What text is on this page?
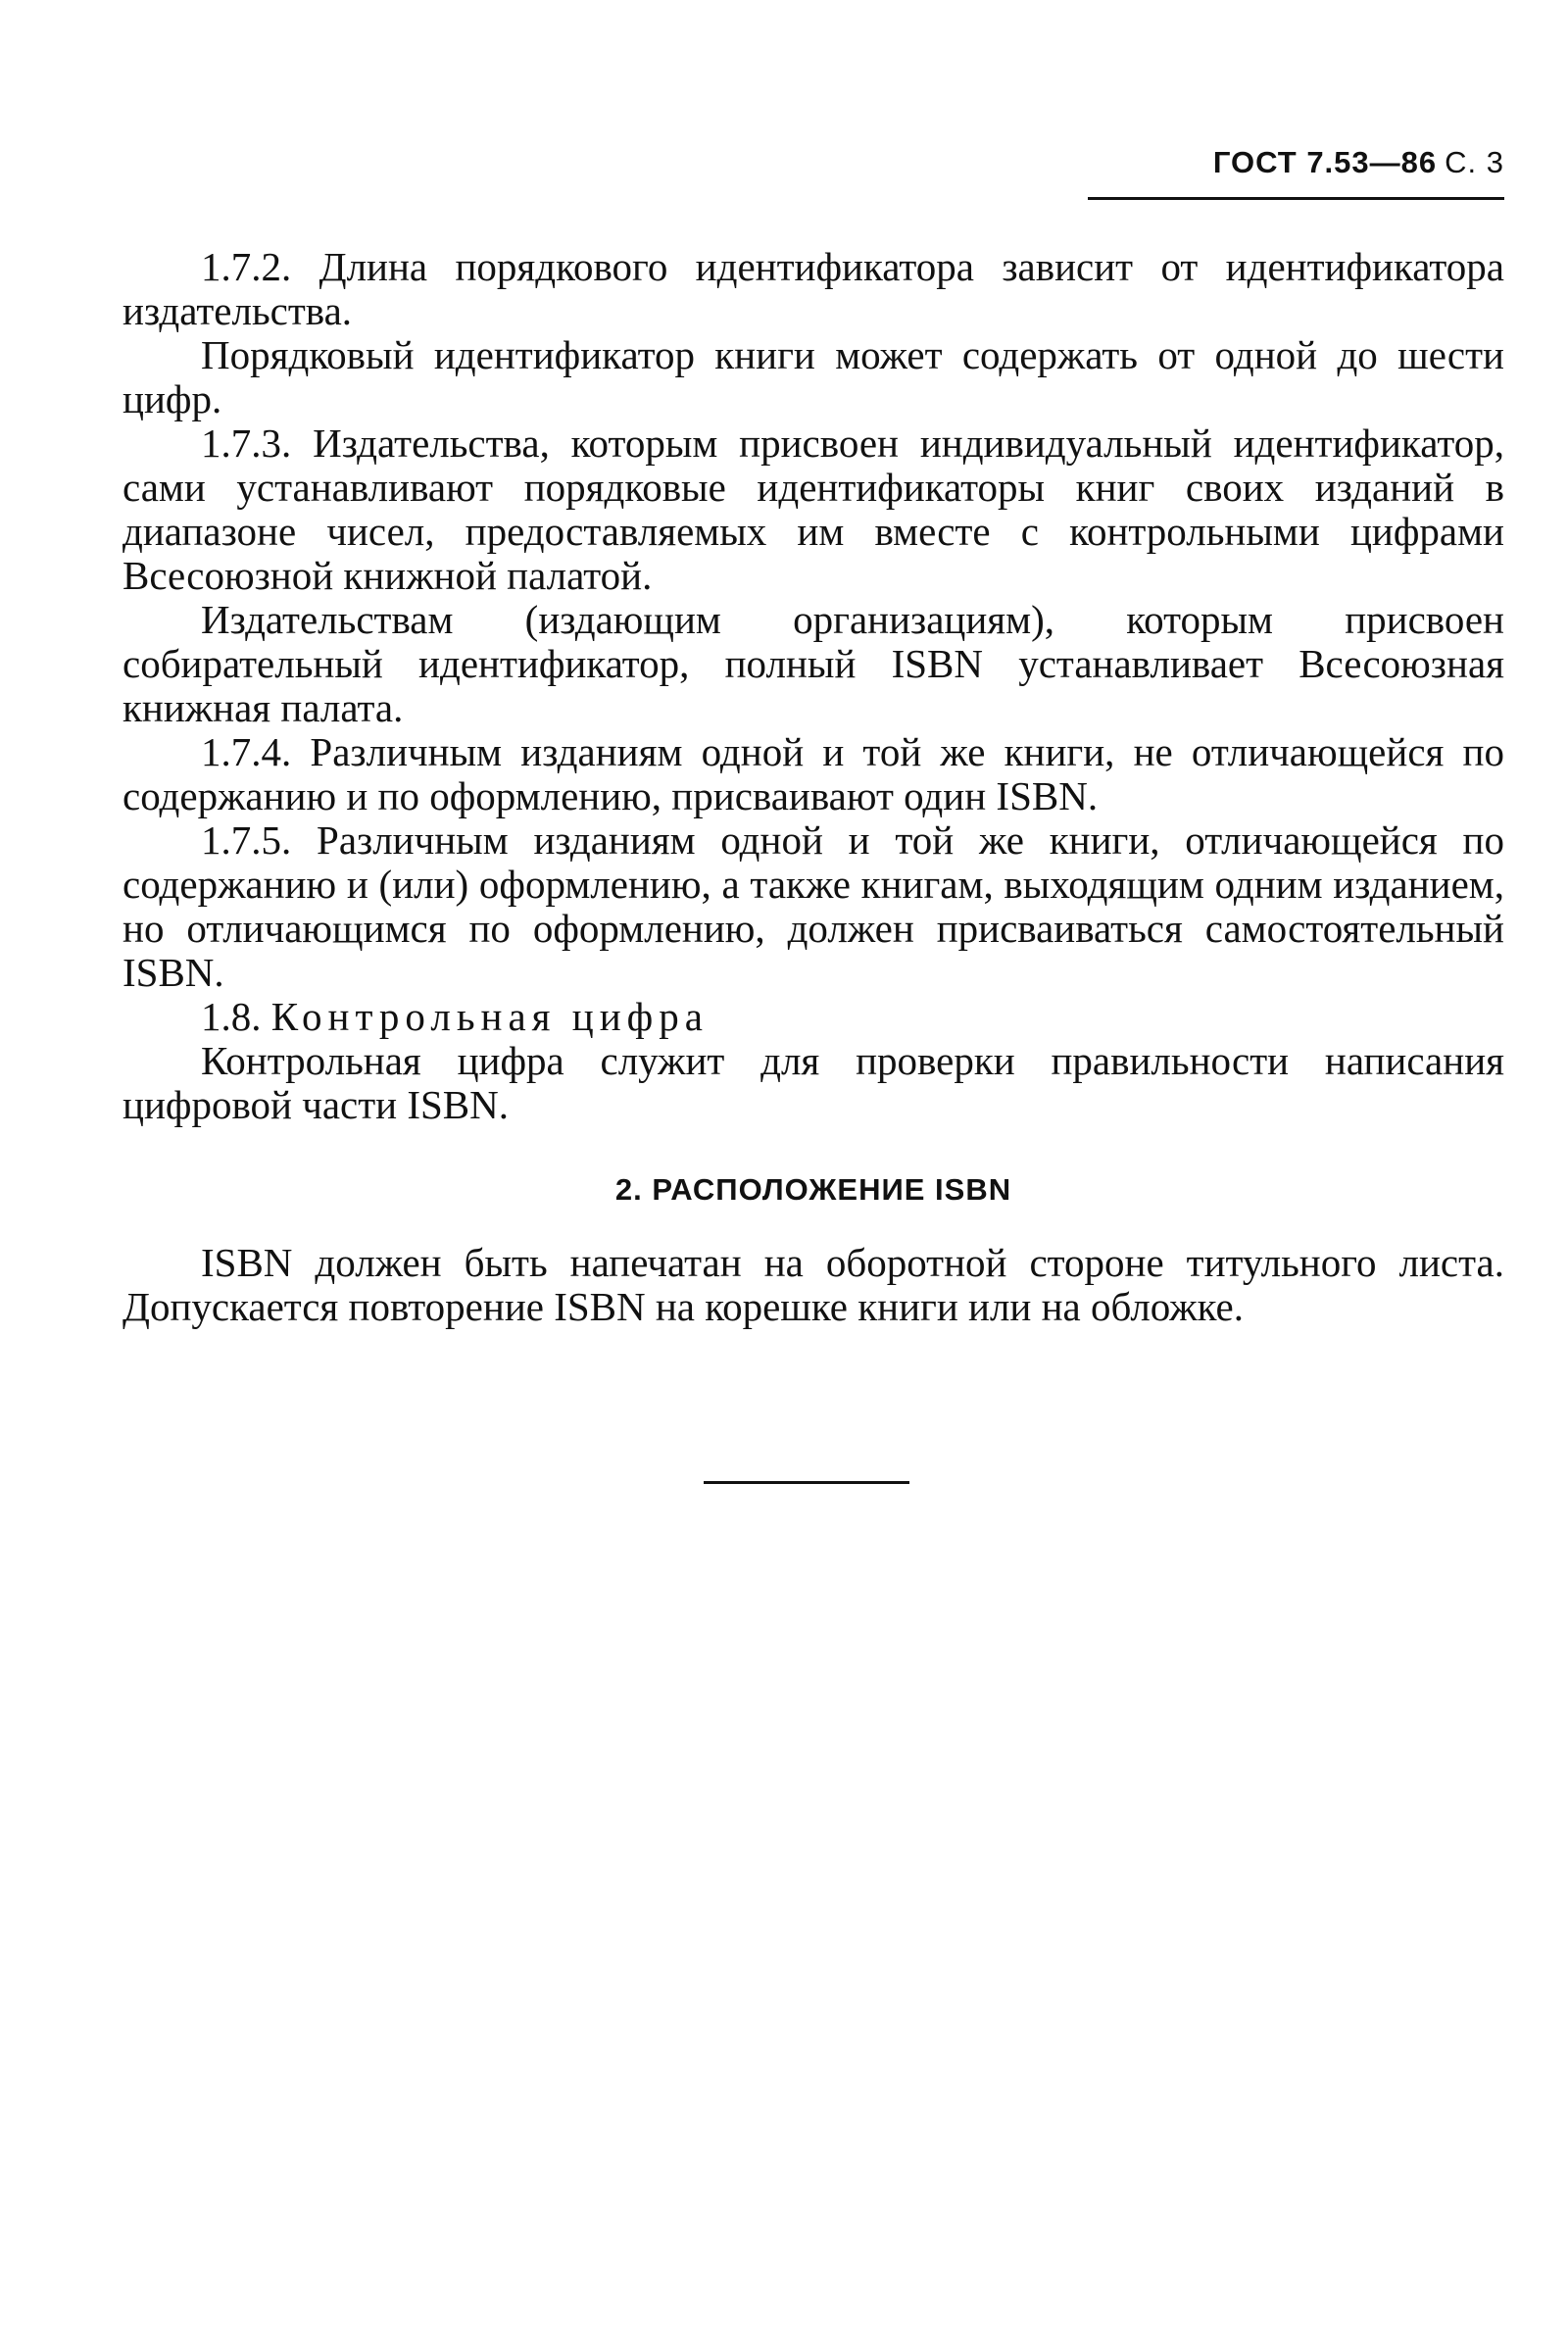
ГОСТ 7.53—86 С. 3

1.7.2. Длина порядкового идентификатора зависит от идентификатора издательства.

Порядковый идентификатор книги может содержать от одной до шести цифр.

1.7.3. Издательства, которым присвоен индивидуальный идентификатор, сами устанавливают порядковые идентификаторы книг своих изданий в диапазоне чисел, предоставляемых им вместе с контрольными цифрами Всесоюзной книжной палатой.

Издательствам (издающим организациям), которым присвоен собирательный идентификатор, полный ISBN устанавливает Всесоюзная книжная палата.

1.7.4. Различным изданиям одной и той же книги, не отличающейся по содержанию и по оформлению, присваивают один ISBN.

1.7.5. Различным изданиям одной и той же книги, отличающейся по содержанию и (или) оформлению, а также книгам, выходящим одним изданием, но отличающимся по оформлению, должен присваиваться самостоятельный ISBN.

1.8. Контрольная цифра

Контрольная цифра служит для проверки правильности написания цифровой части ISBN.

2. РАСПОЛОЖЕНИЕ ISBN

ISBN должен быть напечатан на оборотной стороне титульного листа. Допускается повторение ISBN на корешке книги или на обложке.
